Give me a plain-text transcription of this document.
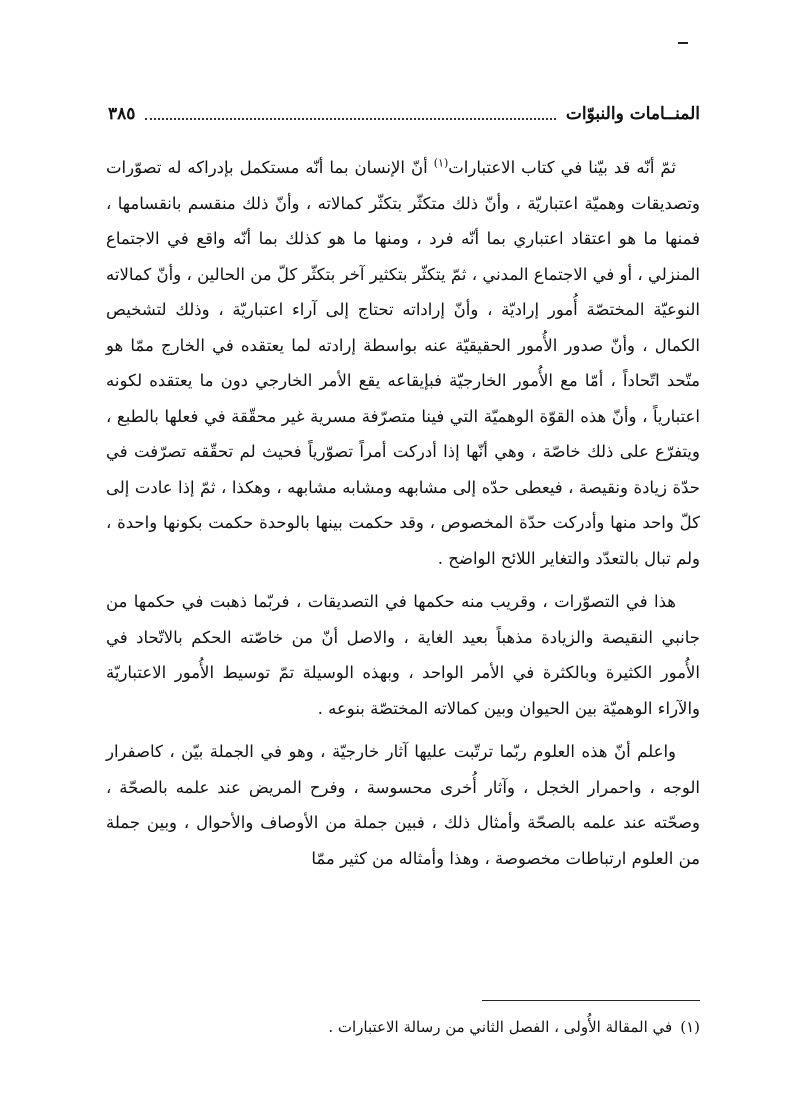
المنــامات والنبوّات
٣٨٥

ثمّ أنّه قد بيّنا في كتاب الاعتبارات$^{(١)}$ أنّ الإنسان بما أنّه مستكمل بإدراكه له تصوّرات وتصديقات وهميّة اعتباريّة ، وأنّ ذلك متكثّر بتكثّر كمالاته ، وأنّ ذلك منقسم بانقسامها ، فمنها ما هو اعتقاد اعتباري بما أنّه فرد ، ومنها ما هو كذلك بما أنّه واقع في الاجتماع المنزلي ، أو في الاجتماع المدني ، ثمّ يتكثّر بتكثير آخر بتكثّر كلّ من الحالين ، وأنّ كمالاته النوعيّة المختصّة أُمور إراديّة ، وأنّ إراداته تحتاج إلى آراء اعتباريّة ، وذلك لتشخيص الكمال ، وأنّ صدور الأُمور الحقيقيّة عنه بواسطة إرادته لما يعتقده في الخارج ممّا هو متّحد اتّحاداً ، أمّا مع الأُمور الخارجيّة فبإيقاعه يقع الأمر الخارجي دون ما يعتقده لكونه اعتبارياً ، وأنّ هذه القوّة الوهميّة التي فينا متصرّفة مسرية غير محقّقة في فعلها بالطبع ، ويتفرّع على ذلك خاصّة ، وهي أنّها إذا أدركت أمراً تصوّرياً فحيث لم تحقّقه تصرّفت في حدّة زيادة ونقيصة ، فيعطى حدّه إلى مشابهه ومشابه مشابهه ، وهكذا ، ثمّ إذا عادت إلى كلّ واحد منها وأدركت حدّة المخصوص ، وقد حكمت بينها بالوحدة حكمت بكونها واحدة ، ولم تبال بالتعدّد والتغاير اللائح الواضح .

هذا في التصوّرات ، وقريب منه حكمها في التصديقات ، فربّما ذهبت في حكمها من جانبي النقيصة والزيادة مذهباً بعيد الغاية ، والاصل أنّ من خاصّته الحكم بالاتّحاد في الأُمور الكثيرة وبالكثرة في الأمر الواحد ، وبهذه الوسيلة تمّ توسيط الأُمور الاعتباريّة والآراء الوهميّة بين الحيوان وبين كمالاته المختصّة بنوعه .

واعلم أنّ هذه العلوم ربّما ترتّبت عليها آثار خارجيّة ، وهو في الجملة بيّن ، كاصفرار الوجه ، واحمرار الخجل ، وآثار أُخرى محسوسة ، وفرح المريض عند علمه بالصحّة ، وصحّته عند علمه بالصحّة وأمثال ذلك ، فبين جملة من الأوصاف والأحوال ، وبين جملة من العلوم ارتباطات مخصوصة ، وهذا وأمثاله من كثير ممّا

(١)في المقالة الأُولى ، الفصل الثاني من رسالة الاعتبارات .
